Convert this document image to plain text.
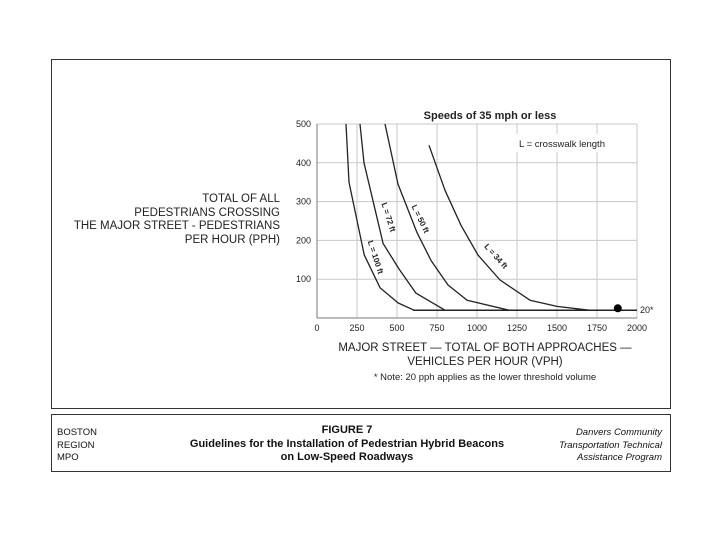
TOTAL OF ALL
PEDESTRIANS CROSSING
THE MAJOR STREET - PEDESTRIANS
PER HOUR (PPH)
0	250	500	750 1000 1250 1500 1750 2000
100
200
300
400
500
Speeds of 35 mph or less
L = crosswalk length
L = 100 ft
L = 72 ft L = 50 ft
L = 34 ft
20*
MAJOR STREET — TOTAL OF BOTH APPROACHES —
VEHICLES PER HOUR (VPH)
* Note: 20 pph applies as the lower threshold volume
BOSTON
REGION
MPO
FIGURE 7
Guidelines for the Installation of Pedestrian Hybrid Beacons
on Low-Speed Roadways
Danvers Community
Transportation Technical
Assistance Program
